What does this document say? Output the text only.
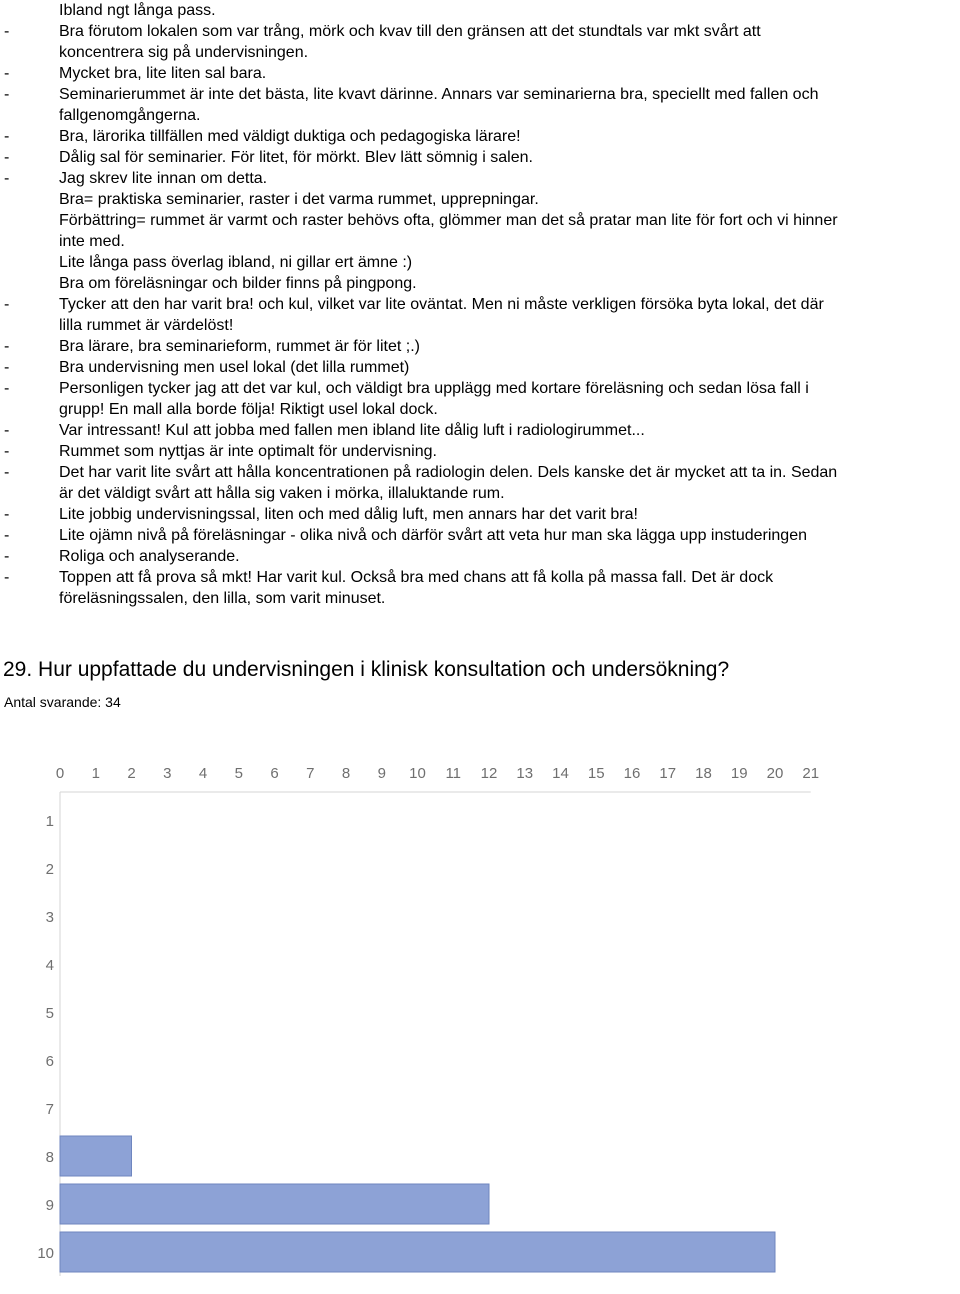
Ibland ngt långa pass.
-	Bra förutom lokalen som var trång, mörk och kvav till den gränsen att det stundtals var mkt svårt att
koncentrera sig på undervisningen.
-	Mycket bra, lite liten sal bara.
-	Seminarierummet är inte det bästa, lite kvavt därinne. Annars var seminarierna bra, speciellt med fallen och
fallgenomgångerna.
-	Bra, lärorika tillfällen med väldigt duktiga och pedagogiska lärare!
-	Dålig sal för seminarier. För litet, för mörkt. Blev lätt sömnig i salen.
-	Jag skrev lite innan om detta.
Bra= praktiska seminarier, raster i det varma rummet, upprepningar.
Förbättring= rummet är varmt och raster behövs ofta, glömmer man det så pratar man lite för fort och vi hinner
inte med.
Lite långa pass överlag ibland, ni gillar ert ämne :)
Bra om föreläsningar och bilder finns på pingpong.
-	Tycker att den har varit bra! och kul, vilket var lite oväntat. Men ni måste verkligen försöka byta lokal, det där
lilla rummet är värdelöst!
-	Bra lärare, bra seminarieform, rummet är för litet ;.)
-	Bra undervisning men usel lokal (det lilla rummet)
-	Personligen tycker jag att det var kul, och väldigt bra upplägg med kortare föreläsning och sedan lösa fall i
grupp! En mall alla borde följa! Riktigt usel lokal dock.
-	Var intressant! Kul att jobba med fallen men ibland lite dålig luft i radiologirummet...
-	Rummet som nyttjas är inte optimalt för undervisning.
-	Det har varit lite svårt att hålla koncentrationen på radiologin delen. Dels kanske det är mycket att ta in. Sedan
är det väldigt svårt att hålla sig vaken i mörka, illaluktande rum.
-	Lite jobbig undervisningssal, liten och med dålig luft, men annars har det varit bra!
-	Lite ojämn nivå på föreläsningar - olika nivå och därför svårt att veta hur man ska lägga upp instuderingen
-	Roliga och analyserande.
-	Toppen att få prova så mkt! Har varit kul. Också bra med chans att få kolla på massa fall. Det är dock
föreläsningssalen, den lilla, som varit minuset.
29. Hur uppfattade du undervisningen i klinisk konsultation och undersökning?
Antal svarande: 34
0 1 2 3 4 5 6 7 8 9 10 11 12 13 14 15 16 17 18 19 20 21
1
2
3
4
5
6
7
8
9
10
